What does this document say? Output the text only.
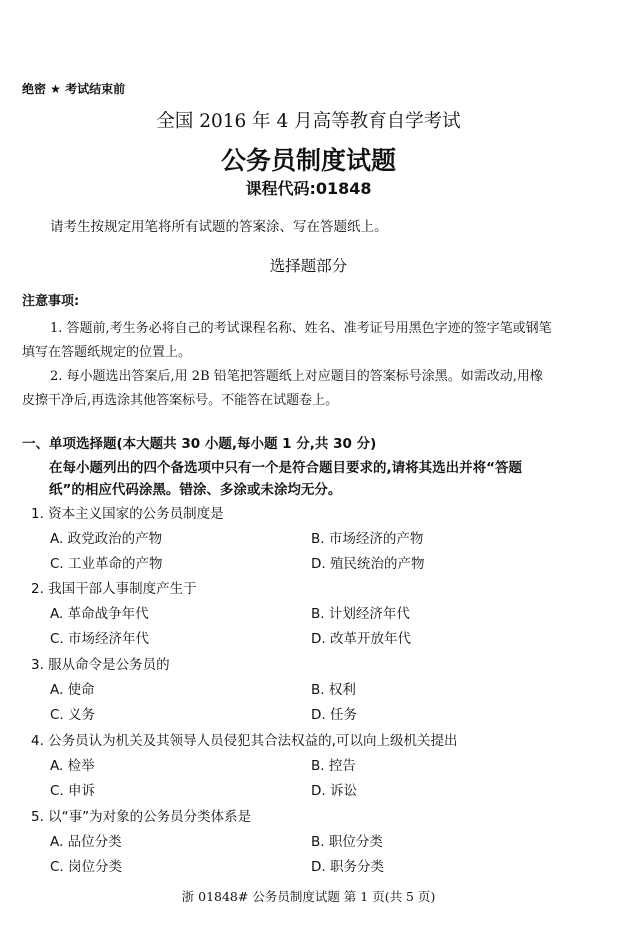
绝密 ★ 考试结束前
全国 2016 年 4 月高等教育自学考试
公务员制度试题
课程代码:01848
请考生按规定用笔将所有试题的答案涂、写在答题纸上。
选择题部分
注意事项:
1. 答题前,考生务必将自己的考试课程名称、姓名、准考证号用黑色字迹的签字笔或钢笔
填写在答题纸规定的位置上。
2. 每小题选出答案后,用 2B 铅笔把答题纸上对应题目的答案标号涂黑。如需改动,用橡
皮擦干净后,再选涂其他答案标号。不能答在试题卷上。
一、单项选择题(本大题共 30 小题,每小题 1 分,共 30 分)
在每小题列出的四个备选项中只有一个是符合题目要求的,请将其选出并将“答题
纸”的相应代码涂黑。错涂、多涂或未涂均无分。
1. 资本主义国家的公务员制度是
A. 政党政治的产物	B. 市场经济的产物
C. 工业革命的产物	D. 殖民统治的产物
2. 我国干部人事制度产生于
A. 革命战争年代	B. 计划经济年代
C. 市场经济年代	D. 改革开放年代
3. 服从命令是公务员的
A. 使命	B. 权利
C. 义务	D. 任务
4. 公务员认为机关及其领导人员侵犯其合法权益的,可以向上级机关提出
A. 检举	B. 控告
C. 申诉	D. 诉讼
5. 以“事”为对象的公务员分类体系是
A. 品位分类	B. 职位分类
C. 岗位分类	D. 职务分类
浙 01848# 公务员制度试题 第 1 页(共 5 页)
